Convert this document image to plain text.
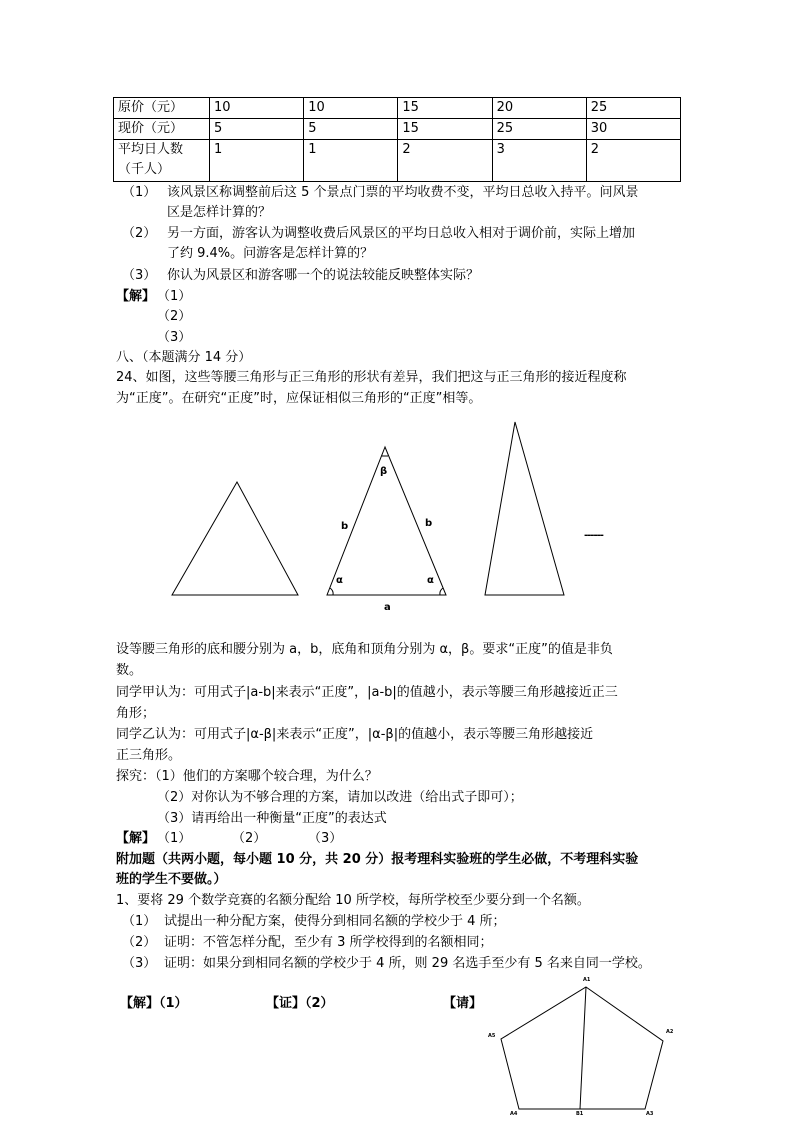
原价（元）	10	10	15	20	25
现价（元）	5	5	15	25	30
平均日人数（千人）	1	1	2	3	2
（1） 该风景区称调整前后这 5 个景点门票的平均收费不变，平均日总收入持平。问风景
区是怎样计算的？
（2） 另一方面，游客认为调整收费后风景区的平均日总收入相对于调价前，实际上增加
了约 9.4%。问游客是怎样计算的？
（3） 你认为风景区和游客哪一个的说法较能反映整体实际？
【解】 （1）
（2）
（3）
八、（本题满分 14 分）
24、如图，这些等腰三角形与正三角形的形状有差异，我们把这与正三角形的接近程度称
为“正度”。在研究“正度”时，应保证相似三角形的“正度”相等。
β
b	b
α	α
a
------
设等腰三角形的底和腰分别为 a，b，底角和顶角分别为 α，β。要求“正度”的值是非负
数。
同学甲认为：可用式子|a-b|来表示“正度”，|a-b|的值越小，表示等腰三角形越接近正三
角形；
同学乙认为：可用式子|α-β|来表示“正度”，|α-β|的值越小，表示等腰三角形越接近
正三角形。
探究：（1）他们的方案哪个较合理，为什么？
（2）对你认为不够合理的方案，请加以改进（给出式子即可）；
（3）请再给出一种衡量“正度”的表达式
【解】 （1）	（2）	（3）
附加题（共两小题，每小题 10 分，共 20 分）报考理科实验班的学生必做，不考理科实验
班的学生不要做。）
1、要将 29 个数学竞赛的名额分配给 10 所学校，每所学校至少要分到一个名额。
（1） 试提出一种分配方案，使得分到相同名额的学校少于 4 所；
（2） 证明：不管怎样分配，至少有 3 所学校得到的名额相同；
（3） 证明：如果分到相同名额的学校少于 4 所，则 29 名选手至少有 5 名来自同一学校。
【解】（1）	【证】（2）	【请】
A1
A5
A2
A4	B1	A3
